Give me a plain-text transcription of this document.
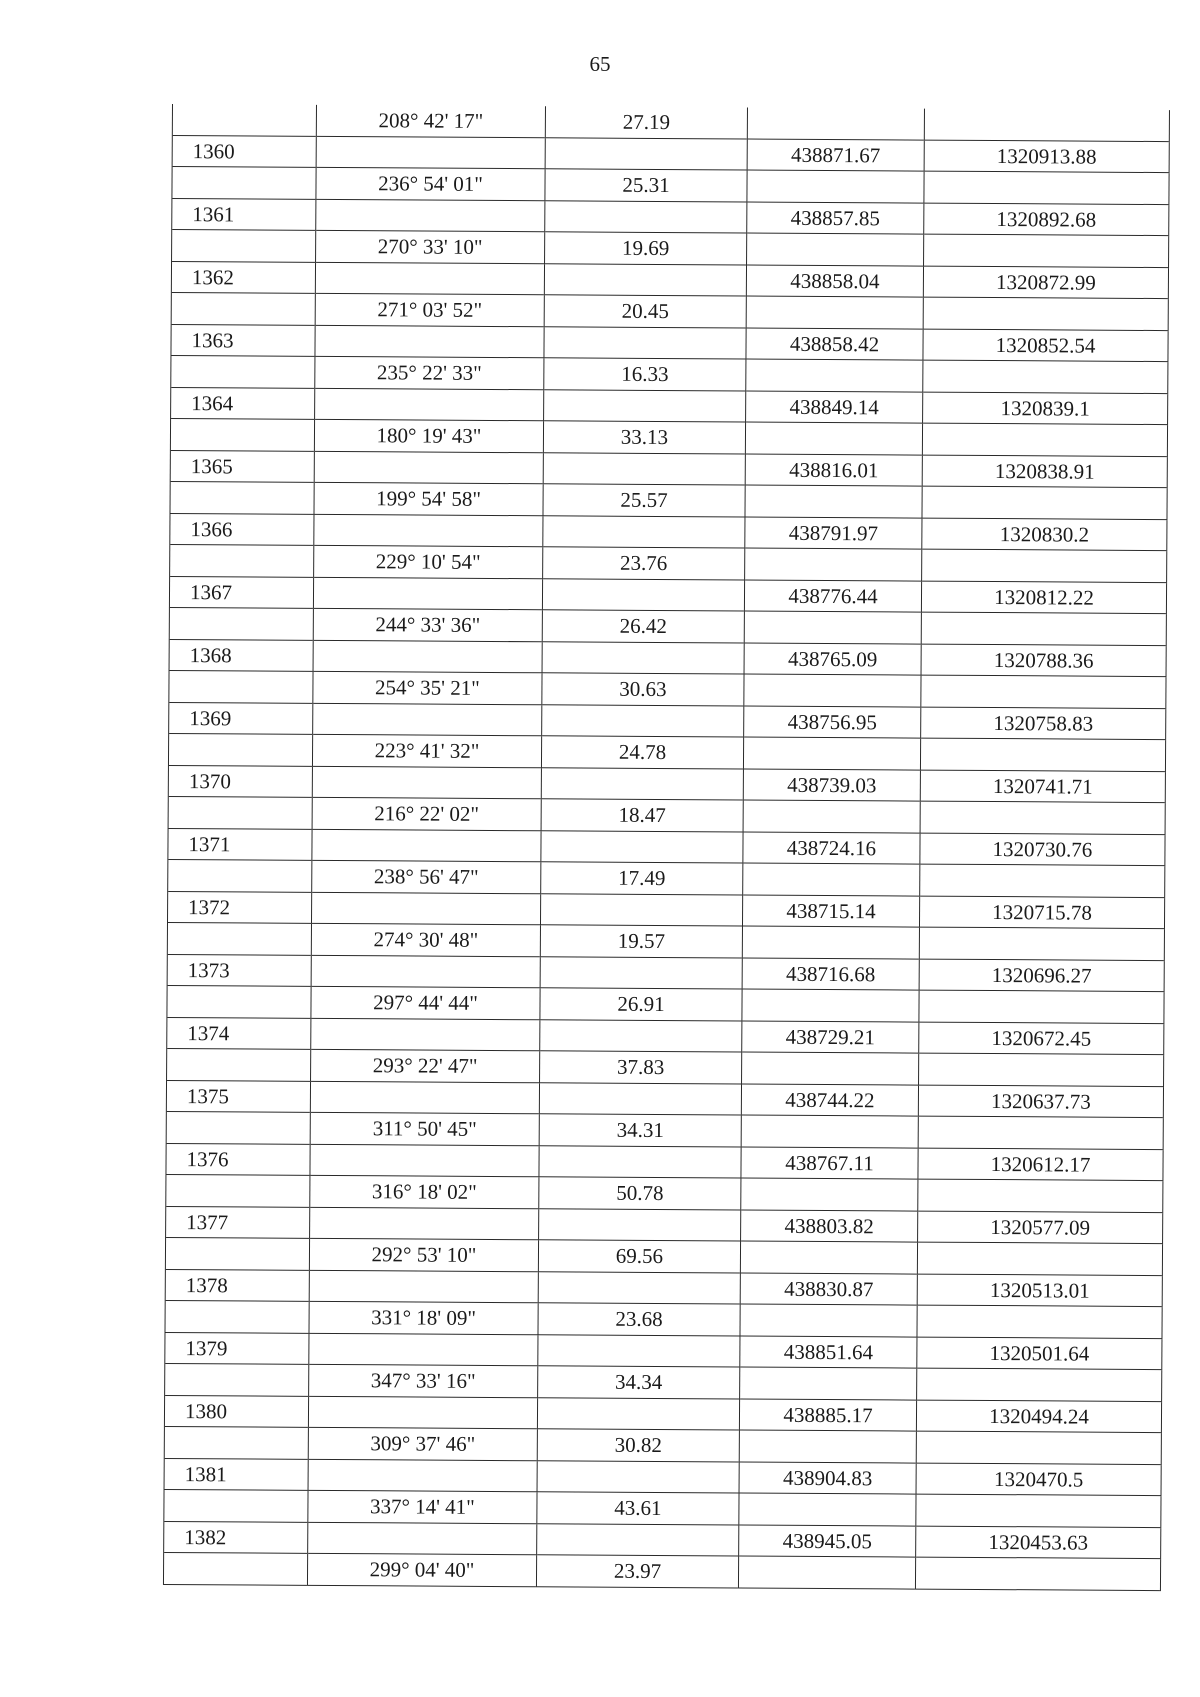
65
	208° 42' 17"	27.19		
1360			438871.67	1320913.88
	236° 54' 01"	25.31		
1361			438857.85	1320892.68
	270° 33' 10"	19.69		
1362			438858.04	1320872.99
	271° 03' 52"	20.45		
1363			438858.42	1320852.54
	235° 22' 33"	16.33		
1364			438849.14	1320839.1
	180° 19' 43"	33.13		
1365			438816.01	1320838.91
	199° 54' 58"	25.57		
1366			438791.97	1320830.2
	229° 10' 54"	23.76		
1367			438776.44	1320812.22
	244° 33' 36"	26.42		
1368			438765.09	1320788.36
	254° 35' 21"	30.63		
1369			438756.95	1320758.83
	223° 41' 32"	24.78		
1370			438739.03	1320741.71
	216° 22' 02"	18.47		
1371			438724.16	1320730.76
	238° 56' 47"	17.49		
1372			438715.14	1320715.78
	274° 30' 48"	19.57		
1373			438716.68	1320696.27
	297° 44' 44"	26.91		
1374			438729.21	1320672.45
	293° 22' 47"	37.83		
1375			438744.22	1320637.73
	311° 50' 45"	34.31		
1376			438767.11	1320612.17
	316° 18' 02"	50.78		
1377			438803.82	1320577.09
	292° 53' 10"	69.56		
1378			438830.87	1320513.01
	331° 18' 09"	23.68		
1379			438851.64	1320501.64
	347° 33' 16"	34.34		
1380			438885.17	1320494.24
	309° 37' 46"	30.82		
1381			438904.83	1320470.5
	337° 14' 41"	43.61		
1382			438945.05	1320453.63
	299° 04' 40"	23.97		
